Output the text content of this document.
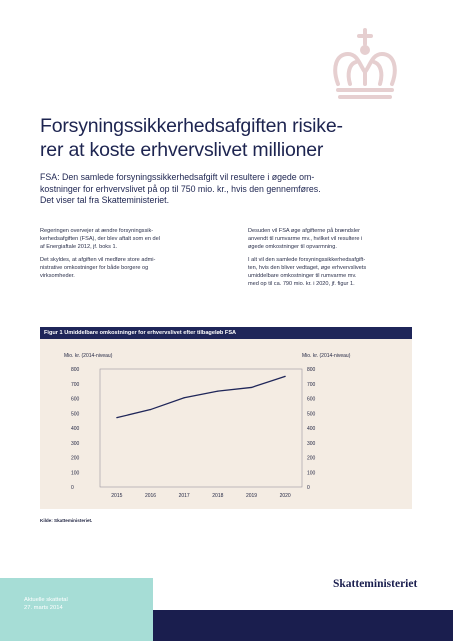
Forsyningssikkerhedsafgiften risike-
rer at koste erhvervslivet millioner
FSA: Den samlede forsyningssikkerhedsafgift vil resultere i øgede om-
kostninger for erhvervslivet på op til 750 mio. kr., hvis den gennemføres.
Det viser tal fra Skatteministeriet.

Regeringen overvejer at ændre forsyningssik-
kerhedsafgiften (FSA), der blev aftalt som en del
af Energiaftale 2012, jf. boks 1.

Det skyldes, at afgiften vil medføre store admi-
nistrative omkostninger for både borgere og
virksomheder.

Desuden vil FSA øge afgifterne på brændsler
anvendt til rumvarme mv., hvilket vil resultere i
øgede omkostninger til opvarmning.

I alt vil den samlede forsyningssikkerhedsafgift-
ten, hvis den bliver vedtaget, øge erhvervslivets
umiddelbare omkostninger til rumvarme mv.
med op til ca. 790 mio. kr. i 2020, jf. figur 1.

Figur 1 Umiddelbare omkostninger for erhvervslivet efter tilbageløb FSA
Mio. kr. (2014-niveau)	Mio. kr. (2014-niveau)
0
100
200
300
400
500
600
700
800
0
100
200
300
400
500
600
700
800
2015	2016	2017	2018	2019	2020
Kilde: Skatteministeriet.
Aktuelle skattetal
27. marts 2014
Skatteministeriet
